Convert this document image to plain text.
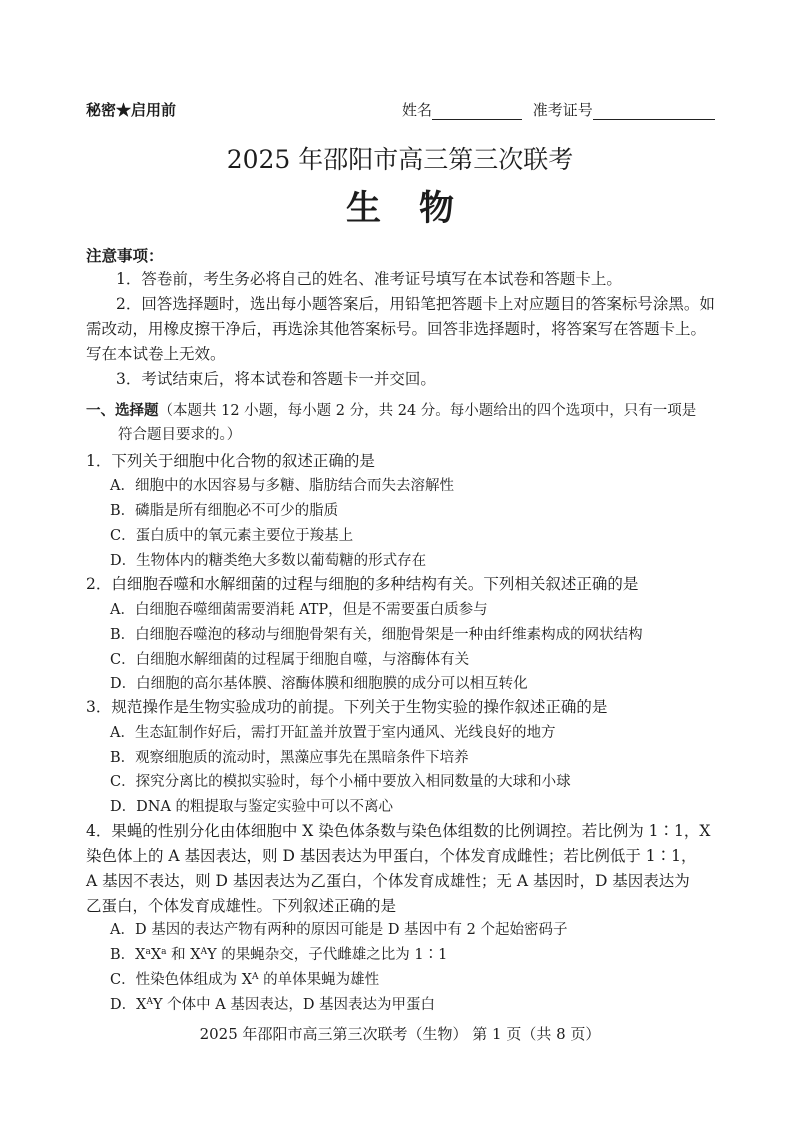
秘密★启用前	姓名	准考证号
2025 年邵阳市高三第三次联考
生物
注意事项：
1．答卷前，考生务必将自己的姓名、准考证号填写在本试卷和答题卡上。
2．回答选择题时，选出每小题答案后，用铅笔把答题卡上对应题目的答案标号涂黑。如
需改动，用橡皮擦干净后，再选涂其他答案标号。回答非选择题时，将答案写在答题卡上。
写在本试卷上无效。
3．考试结束后，将本试卷和答题卡一并交回。
一、选择题（本题共 12 小题，每小题 2 分，共 24 分。每小题给出的四个选项中，只有一项是
符合题目要求的。）
1．下列关于细胞中化合物的叙述正确的是
A．细胞中的水因容易与多糖、脂肪结合而失去溶解性
B．磷脂是所有细胞必不可少的脂质
C．蛋白质中的氧元素主要位于羧基上
D．生物体内的糖类绝大多数以葡萄糖的形式存在
2．白细胞吞噬和水解细菌的过程与细胞的多种结构有关。下列相关叙述正确的是
A．白细胞吞噬细菌需要消耗 ATP，但是不需要蛋白质参与
B．白细胞吞噬泡的移动与细胞骨架有关，细胞骨架是一种由纤维素构成的网状结构
C．白细胞水解细菌的过程属于细胞自噬，与溶酶体有关
D．白细胞的高尔基体膜、溶酶体膜和细胞膜的成分可以相互转化
3．规范操作是生物实验成功的前提。下列关于生物实验的操作叙述正确的是
A．生态缸制作好后，需打开缸盖并放置于室内通风、光线良好的地方
B．观察细胞质的流动时，黑藻应事先在黑暗条件下培养
C．探究分离比的模拟实验时，每个小桶中要放入相同数量的大球和小球
D．DNA 的粗提取与鉴定实验中可以不离心
4．果蝇的性别分化由体细胞中 X 染色体条数与染色体组数的比例调控。若比例为 1∶1，X
染色体上的 A 基因表达，则 D 基因表达为甲蛋白，个体发育成雌性；若比例低于 1∶1，
A 基因不表达，则 D 基因表达为乙蛋白，个体发育成雄性；无 A 基因时，D 基因表达为
乙蛋白，个体发育成雄性。下列叙述正确的是
A．D 基因的表达产物有两种的原因可能是 D 基因中有 2 个起始密码子
B．$X^aX^a$ 和 $X^AY$ 的果蝇杂交，子代雌雄之比为 1∶1
C．性染色体组成为 $X^A$ 的单体果蝇为雄性
D．$X^AY$ 个体中 A 基因表达，D 基因表达为甲蛋白
2025 年邵阳市高三第三次联考（生物） 第 1 页（共 8 页）
